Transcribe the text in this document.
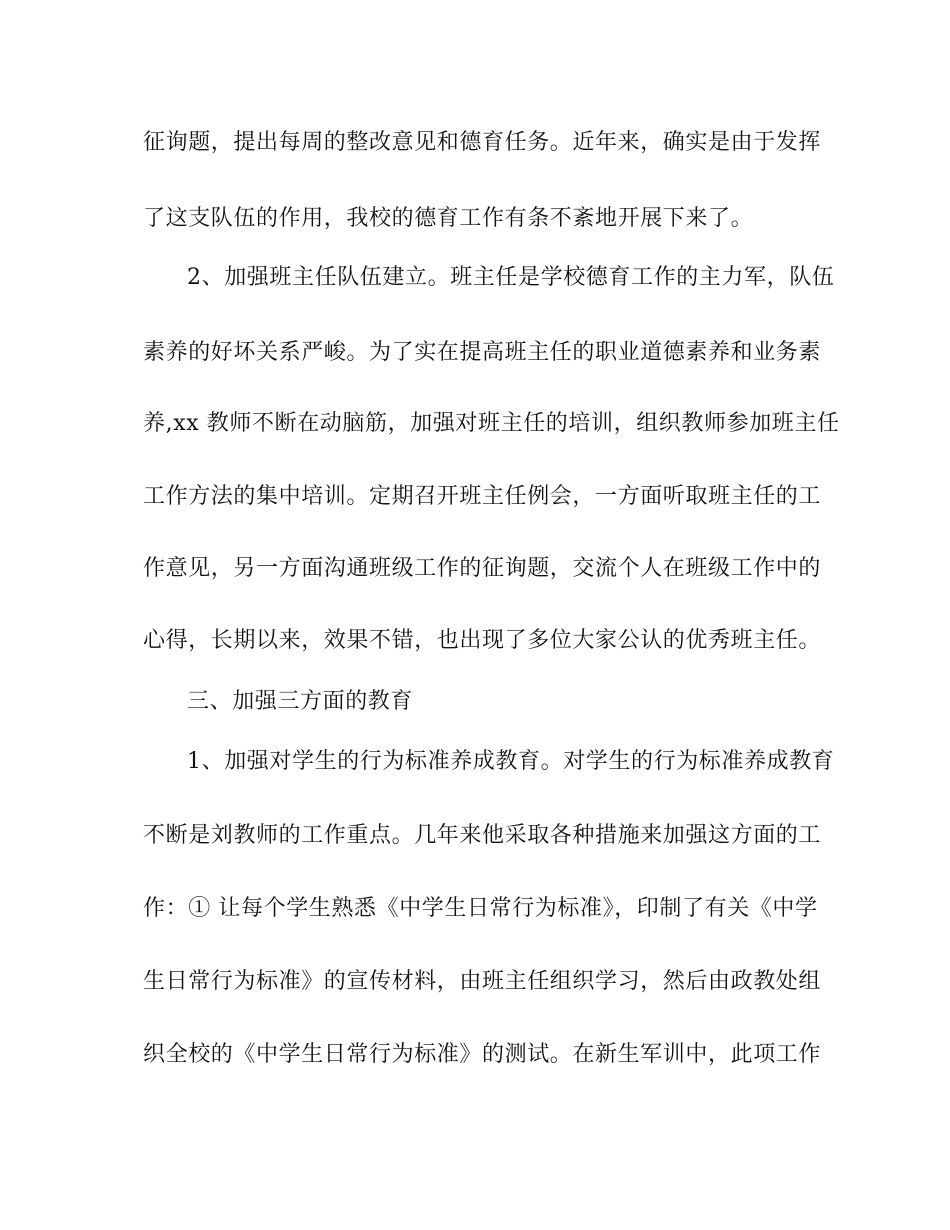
征询题，提出每周的整改意见和德育任务。近年来，确实是由于发挥
了这支队伍的作用，我校的德育工作有条不紊地开展下来了。
2、加强班主任队伍建立。班主任是学校德育工作的主力军，队伍
素养的好坏关系严峻。为了实在提高班主任的职业道德素养和业务素
养,xx 教师不断在动脑筋，加强对班主任的培训，组织教师参加班主任
工作方法的集中培训。定期召开班主任例会，一方面听取班主任的工
作意见，另一方面沟通班级工作的征询题，交流个人在班级工作中的
心得，长期以来，效果不错，也出现了多位大家公认的优秀班主任。
三、加强三方面的教育
1、加强对学生的行为标准养成教育。对学生的行为标准养成教育
不断是刘教师的工作重点。几年来他采取各种措施来加强这方面的工
作：① 让每个学生熟悉《中学生日常行为标准》，印制了有关《中学
生日常行为标准》的宣传材料，由班主任组织学习，然后由政教处组
织全校的《中学生日常行为标准》的测试。在新生军训中，此项工作
